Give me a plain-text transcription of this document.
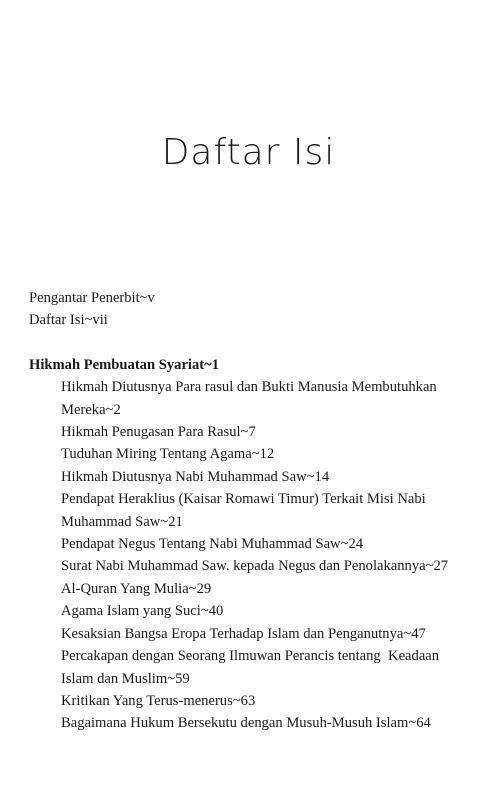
Daftar Isi
Pengantar Penerbit~v
Daftar Isi~vii
Hikmah Pembuatan Syariat~1
Hikmah Diutusnya Para rasul dan Bukti Manusia Membutuhkan
Mereka~2
Hikmah Penugasan Para Rasul~7
Tuduhan Miring Tentang Agama~12
Hikmah Diutusnya Nabi Muhammad Saw~14
Pendapat Heraklius (Kaisar Romawi Timur) Terkait Misi Nabi
Muhammad Saw~21
Pendapat Negus Tentang Nabi Muhammad Saw~24
Surat Nabi Muhammad Saw. kepada Negus dan Penolakannya~27
Al-Quran Yang Mulia~29
Agama Islam yang Suci~40
Kesaksian Bangsa Eropa Terhadap Islam dan Penganutnya~47
Percakapan dengan Seorang Ilmuwan Perancis tentang  Keadaan
Islam dan Muslim~59
Kritikan Yang Terus-menerus~63
Bagaimana Hukum Bersekutu dengan Musuh-Musuh Islam~64
